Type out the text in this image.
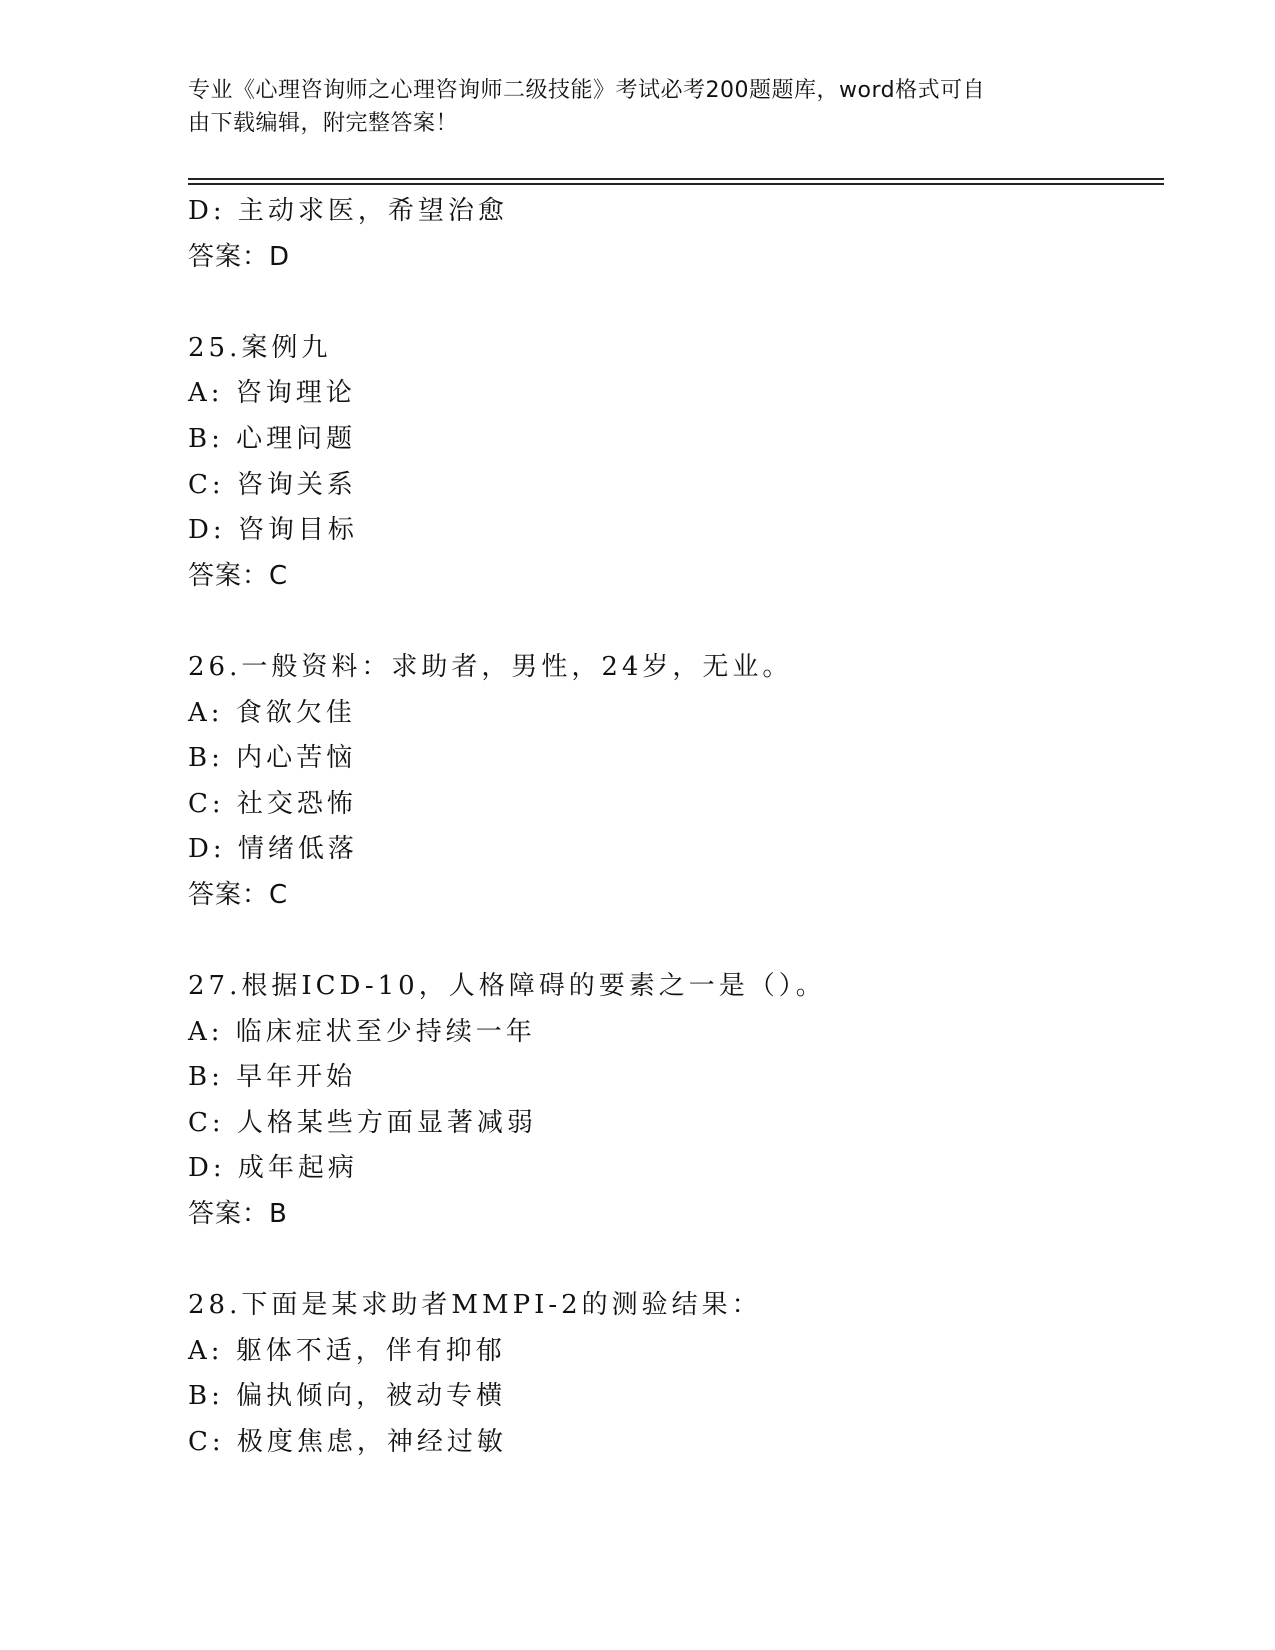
专业《心理咨询师之心理咨询师二级技能》考试必考200题题库，word格式可自
由下载编辑，附完整答案！
D: 主动求医，希望治愈
答案：D
25.案例九
A: 咨询理论
B: 心理问题
C: 咨询关系
D: 咨询目标
答案：C
26.一般资料：求助者，男性，24岁，无业。
A: 食欲欠佳
B: 内心苦恼
C: 社交恐怖
D: 情绪低落
答案：C
27.根据ICD-10，人格障碍的要素之一是（）。
A: 临床症状至少持续一年
B: 早年开始
C: 人格某些方面显著减弱
D: 成年起病
答案：B
28.下面是某求助者MMPI-2的测验结果：
A: 躯体不适，伴有抑郁
B: 偏执倾向，被动专横
C: 极度焦虑，神经过敏
